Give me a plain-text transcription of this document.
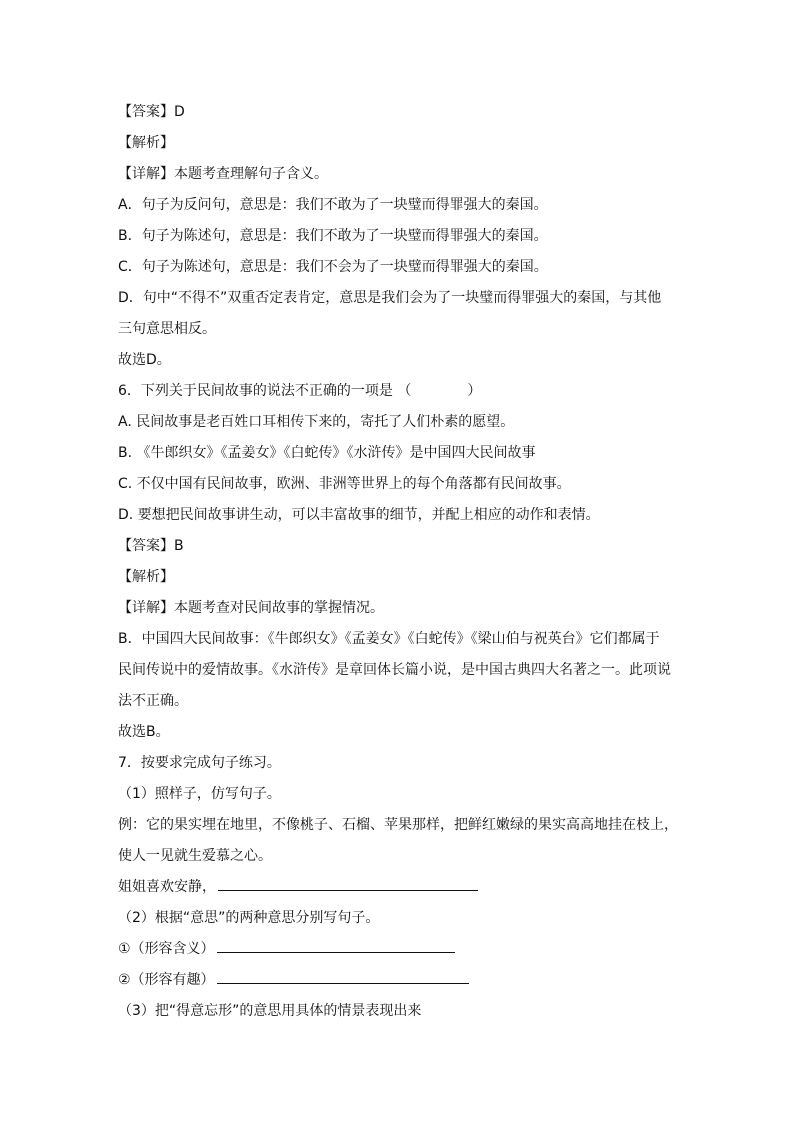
【答案】D
【解析】
【详解】本题考查理解句子含义。
A．句子为反问句，意思是：我们不敢为了一块璧而得罪强大的秦国。
B．句子为陈述句，意思是：我们不敢为了一块璧而得罪强大的秦国。
C．句子为陈述句，意思是：我们不会为了一块璧而得罪强大的秦国。
D．句中“不得不”双重否定表肯定，意思是我们会为了一块璧而得罪强大的秦国，与其他
三句意思相反。
故选D。
6．下列关于民间故事的说法不正确的一项是 （　　　　）
A. 民间故事是老百姓口耳相传下来的，寄托了人们朴素的愿望。
B. 《牛郎织女》《孟姜女》《白蛇传》《水浒传》是中国四大民间故事
C. 不仅中国有民间故事，欧洲、非洲等世界上的每个角落都有民间故事。
D. 要想把民间故事讲生动，可以丰富故事的细节，并配上相应的动作和表情。
【答案】B
【解析】
【详解】本题考查对民间故事的掌握情况。
B．中国四大民间故事：《牛郎织女》《孟姜女》《白蛇传》《梁山伯与祝英台》它们都属于
民间传说中的爱情故事。《水浒传》是章回体长篇小说，是中国古典四大名著之一。此项说
法不正确。
故选B。
7．按要求完成句子练习。
（1）照样子，仿写句子。
例：它的果实埋在地里，不像桃子、石榴、苹果那样，把鲜红嫩绿的果实高高地挂在枝上，
使人一见就生爱慕之心。
姐姐喜欢安静，
（2）根据“意思”的两种意思分别写句子。
①（形容含义）
②（形容有趣）
（3）把“得意忘形”的意思用具体的情景表现出来
